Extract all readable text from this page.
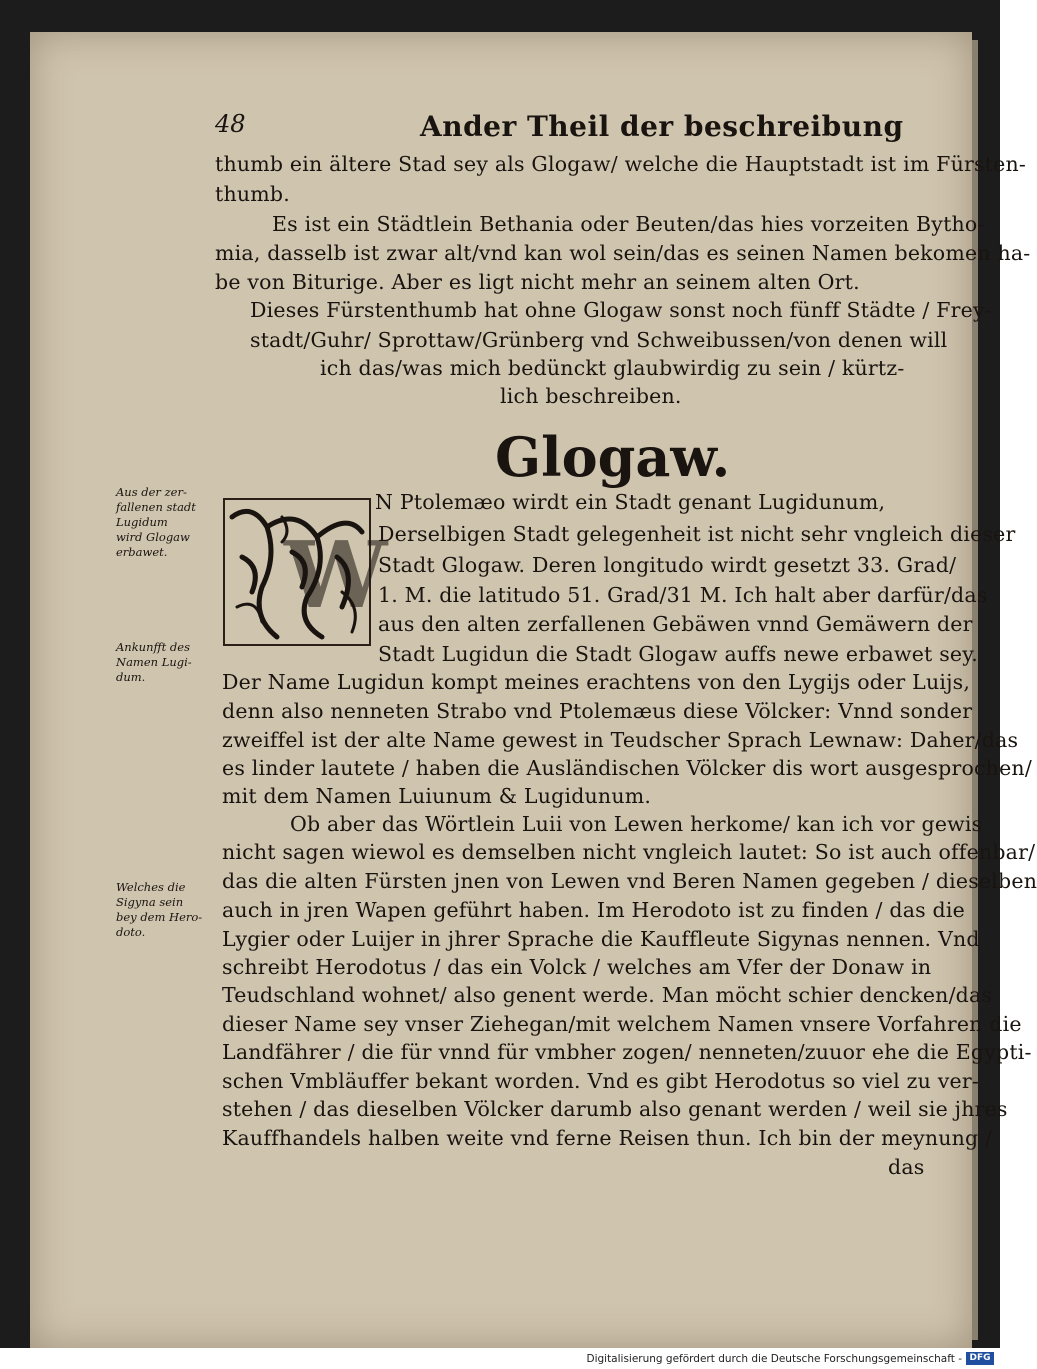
48	Ander Theil der beschreibung
thumb ein ältere Stad sey als Glogaw/ welche die Hauptstadt ist im Fürsten-
thumb.
Es ist ein Städtlein Bethania oder Beuten/das hies vorzeiten Bytho-
mia, dasselb ist zwar alt/vnd kan wol sein/das es seinen Namen bekomen ha-
be von Biturige. Aber es ligt nicht mehr an seinem alten Ort.
Dieses Fürstenthumb hat ohne Glogaw sonst noch fünff Städte / Frey-
stadt/Guhr/ Sprottaw/Grünberg vnd Schweibussen/von denen will
ich das/was mich bedünckt glaubwirdig zu sein / kürtz-
lich beschreiben.
Glogaw.
W
N Ptolemæo wirdt ein Stadt genant Lugidunum,
Derselbigen Stadt gelegenheit ist nicht sehr vngleich dieser
Stadt Glogaw. Deren longitudo wirdt gesetzt 33. Grad/
1. M. die latitudo 51. Grad/31 M. Ich halt aber darfür/das
aus den alten zerfallenen Gebäwen vnnd Gemäwern der
Stadt Lugidun die Stadt Glogaw auffs newe erbawet sey.
Der Name Lugidun kompt meines erachtens von den Lygijs oder Luijs,
denn also nenneten Strabo vnd Ptolemæus diese Völcker: Vnnd sonder
zweiffel ist der alte Name gewest in Teudscher Sprach Lewnaw: Daher/das
es linder lautete / haben die Ausländischen Völcker dis wort ausgesprochen/
mit dem Namen Luiunum & Lugidunum.
Ob aber das Wörtlein Luii von Lewen herkome/ kan ich vor gewis
nicht sagen wiewol es demselben nicht vngleich lautet: So ist auch offenbar/
das die alten Fürsten jnen von Lewen vnd Beren Namen gegeben / dieselben
auch in jren Wapen geführt haben. Im Herodoto ist zu finden / das die
Lygier oder Luijer in jhrer Sprache die Kauffleute Sigynas nennen. Vnd
schreibt Herodotus / das ein Volck / welches am Vfer der Donaw in
Teudschland wohnet/ also genent werde. Man möcht schier dencken/das
dieser Name sey vnser Ziehegan/mit welchem Namen vnsere Vorfahren die
Landfährer / die für vnnd für vmbher zogen/ nenneten/zuuor ehe die Egypti-
schen Vmbläuffer bekant worden. Vnd es gibt Herodotus so viel zu ver-
stehen / das dieselben Völcker darumb also genant werden / weil sie jhres
Kauffhandels halben weite vnd ferne Reisen thun. Ich bin der meynung /
das
Aus der zer-
fallenen stadt
Lugidum
wird Glogaw
erbawet.
Ankunfft des
Namen Lugi-
dum.
Welches die
Sigyna sein
bey dem Hero-
doto.
Digitalisierung gefördert durch die Deutsche Forschungsgemeinschaft - DFG
